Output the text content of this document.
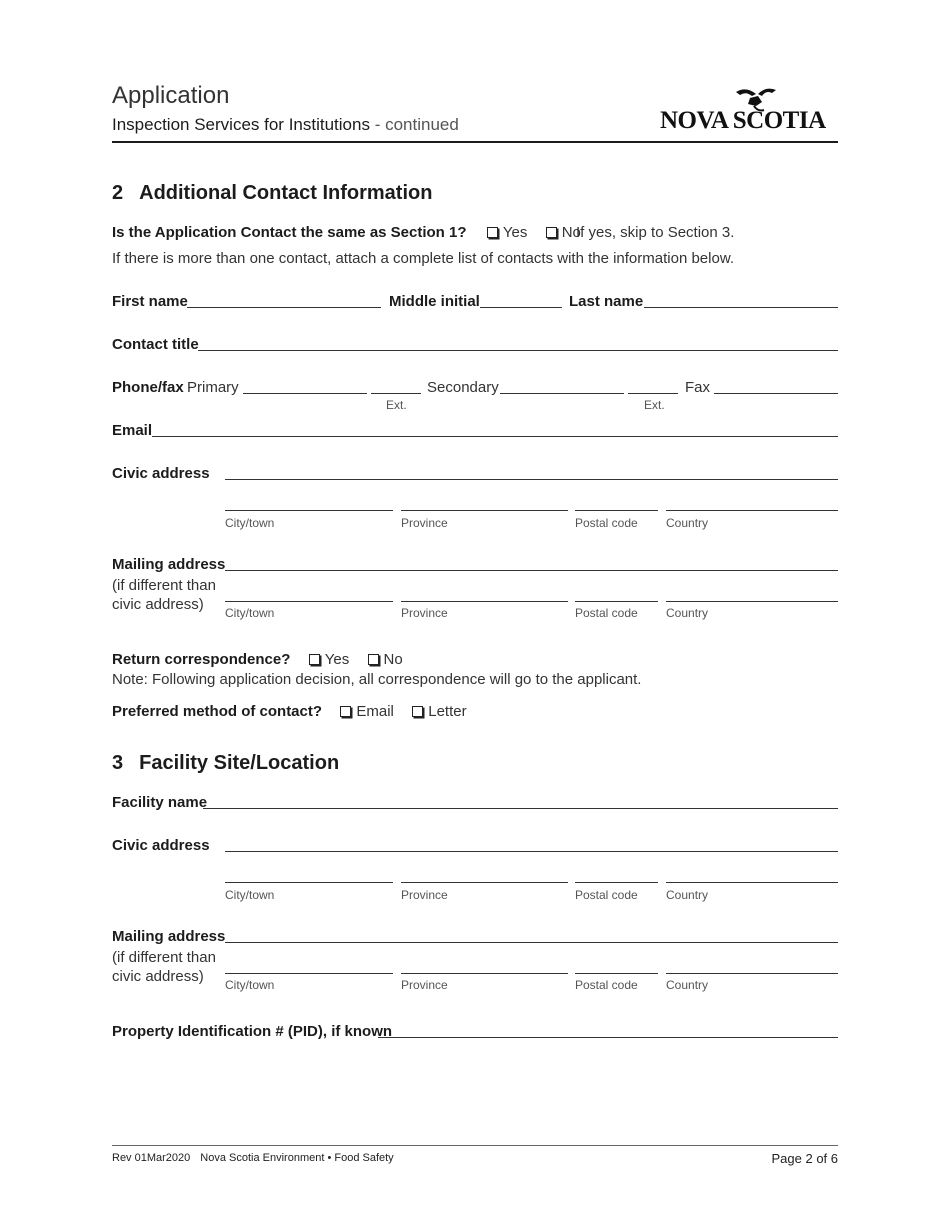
Application
Inspection Services for Institutions - continued	NOVA SCOTIA
2 Additional Contact Information
Is the Application Contact the same as Section 1? Yes No
If yes, skip to Section 3.
If there is more than one contact, attach a complete list of contacts with the information below.
First name	Middle initial	Last name
Contact title
Phone/fax Primary
Ext.
Secondary
Ext.
Fax
Email
Civic address
City/town	Province	Postal code Country
Mailing address
(if different than
civic address) City/town	Province	Postal code Country
Return correspondence? Yes No
Note: Following application decision, all correspondence will go to the applicant.
Preferred method of contact? Email Letter
3 Facility Site/Location
Facility name
Civic address
City/town	Province	Postal code Country
Mailing address
(if different than
civic address) City/town	Province	Postal code Country
Property Identification # (PID), if known
Rev 01Mar2020 Nova Scotia Environment • Food Safety	Page 2 of 6
